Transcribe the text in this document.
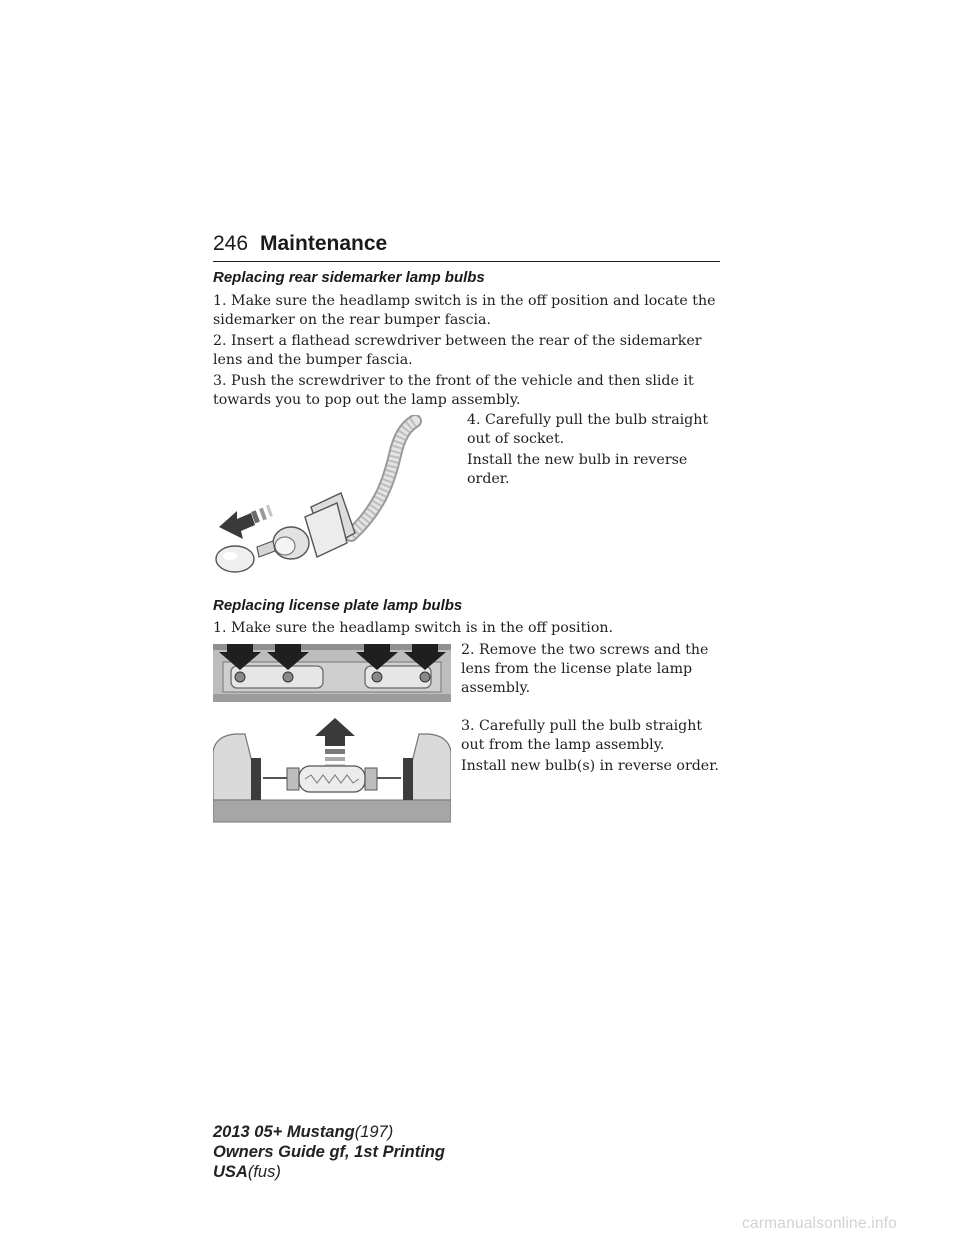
246 Maintenance
Replacing rear sidemarker lamp bulbs
1. Make sure the headlamp switch is in the off position and locate the sidemarker on the rear bumper fascia.
2. Insert a flathead screwdriver between the rear of the sidemarker lens and the bumper fascia.
3. Push the screwdriver to the front of the vehicle and then slide it towards you to pop out the lamp assembly.
4. Carefully pull the bulb straight out of socket.
Install the new bulb in reverse order.
Replacing license plate lamp bulbs
1. Make sure the headlamp switch is in the off position.
2. Remove the two screws and the lens from the license plate lamp assembly.
3. Carefully pull the bulb straight out from the lamp assembly.
Install new bulb(s) in reverse order.
2013 05+ Mustang(197)
Owners Guide gf, 1st Printing
USA(fus)
carmanualsonline.info
